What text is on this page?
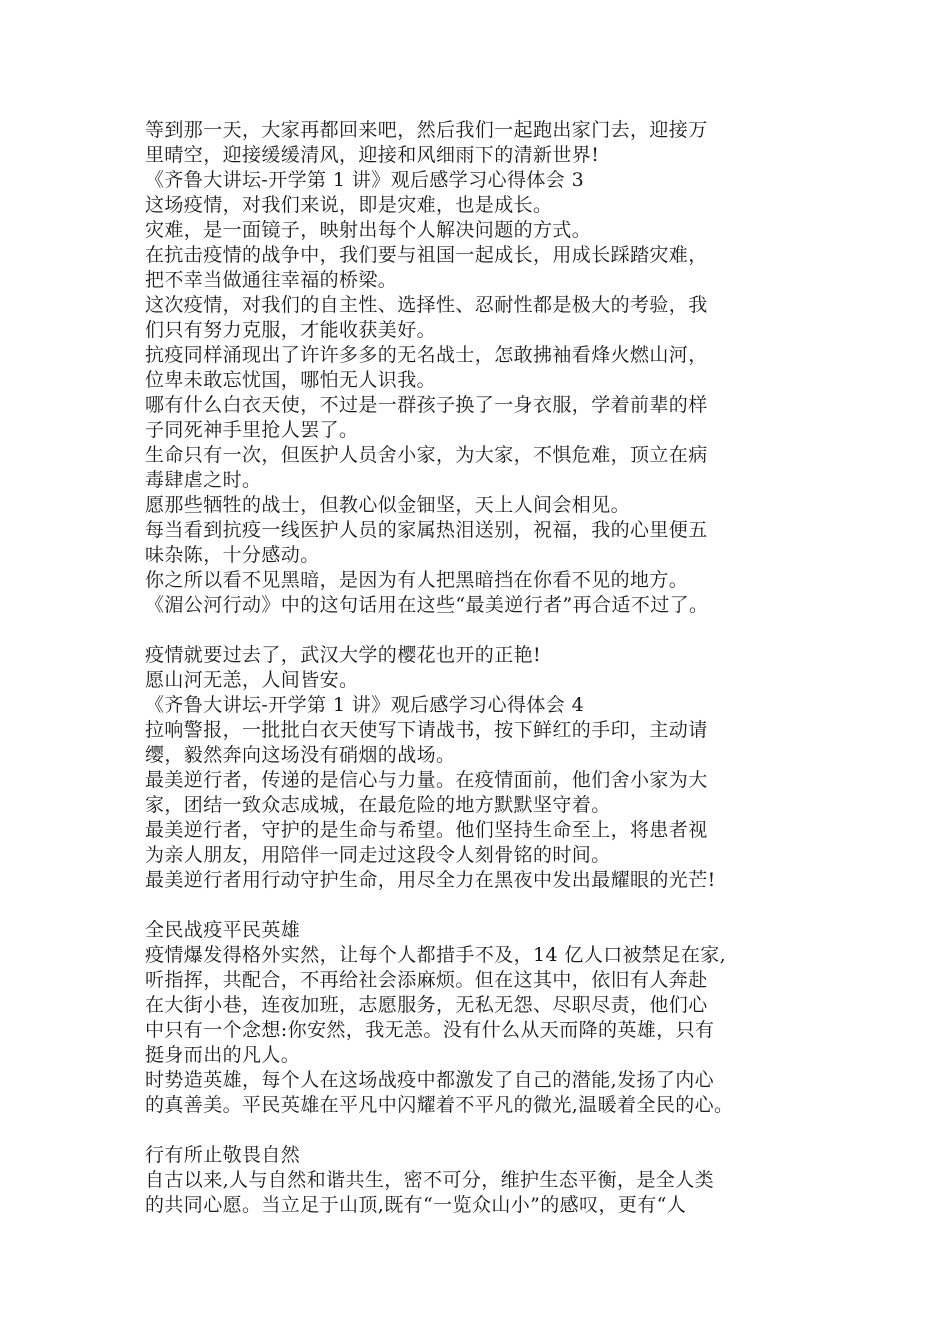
等到那一天，大家再都回来吧，然后我们一起跑出家门去，迎接万
里晴空，迎接缓缓清风，迎接和风细雨下的清新世界!
《齐鲁大讲坛-开学第 1 讲》观后感学习心得体会 3
这场疫情，对我们来说，即是灾难，也是成长。
灾难，是一面镜子，映射出每个人解决问题的方式。
在抗击疫情的战争中，我们要与祖国一起成长，用成长踩踏灾难，
把不幸当做通往幸福的桥梁。
这次疫情，对我们的自主性、选择性、忍耐性都是极大的考验，我
们只有努力克服，才能收获美好。
抗疫同样涌现出了许许多多的无名战士，怎敢拂袖看烽火燃山河，
位卑未敢忘忧国，哪怕无人识我。
哪有什么白衣天使，不过是一群孩子换了一身衣服，学着前辈的样
子同死神手里抢人罢了。
生命只有一次，但医护人员舍小家，为大家，不惧危难，顶立在病
毒肆虐之时。
愿那些牺牲的战士，但教心似金钿坚，天上人间会相见。
每当看到抗疫一线医护人员的家属热泪送别，祝福，我的心里便五
味杂陈，十分感动。
你之所以看不见黑暗，是因为有人把黑暗挡在你看不见的地方。
《湄公河行动》中的这句话用在这些“最美逆行者”再合适不过了。
疫情就要过去了，武汉大学的樱花也开的正艳!
愿山河无恙，人间皆安。
《齐鲁大讲坛-开学第 1 讲》观后感学习心得体会 4
拉响警报，一批批白衣天使写下请战书，按下鲜红的手印，主动请
缨，毅然奔向这场没有硝烟的战场。
最美逆行者，传递的是信心与力量。在疫情面前，他们舍小家为大
家，团结一致众志成城，在最危险的地方默默坚守着。
最美逆行者，守护的是生命与希望。他们坚持生命至上，将患者视
为亲人朋友，用陪伴一同走过这段令人刻骨铭的时间。
最美逆行者用行动守护生命，用尽全力在黑夜中发出最耀眼的光芒!
全民战疫平民英雄
疫情爆发得格外实然，让每个人都措手不及，14 亿人口被禁足在家,
听指挥，共配合，不再给社会添麻烦。但在这其中，依旧有人奔赴
在大街小巷，连夜加班，志愿服务，无私无怨、尽职尽责，他们心
中只有一个念想:你安然，我无恙。没有什么从天而降的英雄，只有
挺身而出的凡人。
时势造英雄，每个人在这场战疫中都激发了自己的潜能,发扬了内心
的真善美。平民英雄在平凡中闪耀着不平凡的微光,温暖着全民的心。
行有所止敬畏自然
自古以来,人与自然和谐共生，密不可分，维护生态平衡，是全人类
的共同心愿。当立足于山顶,既有“一览众山小”的感叹，更有“人
